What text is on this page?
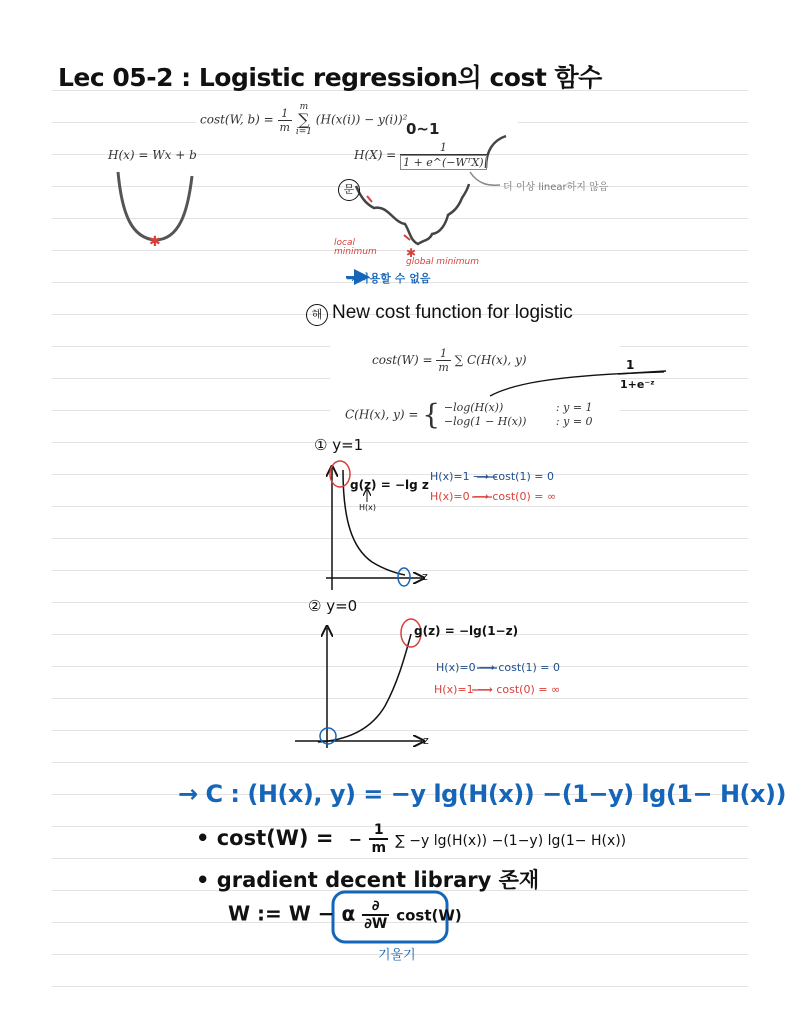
✱
✱
Lec 05-2 : Logistic regression의 cost 함수
cost(W, $b) = \frac{1}{m}$
m
∑
i=1
(H(x(i)) − y(i))²
H(x) = Wx + b
0~1
$H(X) = \frac{1}{\text{1 + e\textasciicircum{}(−WᵀX)}}$
더 이상 linear하지 않음
문
local minimum
global minimum
→ 사용할 수 없음
해 New cost function for logistic
$\cos t(W) = \frac{1}{m}$ ∑ C(H(x), y)	1
1+e⁻ᶻ
C(H(x), y) = { −log(H(x))	: y = 1
−log(1 − H(x))	: y = 0
① y=1
g(z) = −lg z
H(x)
z
H(x)=1 ⟶ cost(1) = 0
H(x)=0 ⟶ cost(0) = ∞
② y=0
g(z) = −lg(1−z)
z
H(x)=0 ⟶ cost(1) = 0
H(x)=1 ⟶ cost(0) = ∞
→ C : (H(x), y) = −y lg(H(x)) −(1−y) lg(1− H(x))
• cost(W) = − $\frac{1}{m}$ ∑ −y lg(H(x)) −(1−y) lg(1− H(x))
• gradient decent library 존재
W := W − α $\frac{\partial}{\partial W} \cos t(W)$
기울기
